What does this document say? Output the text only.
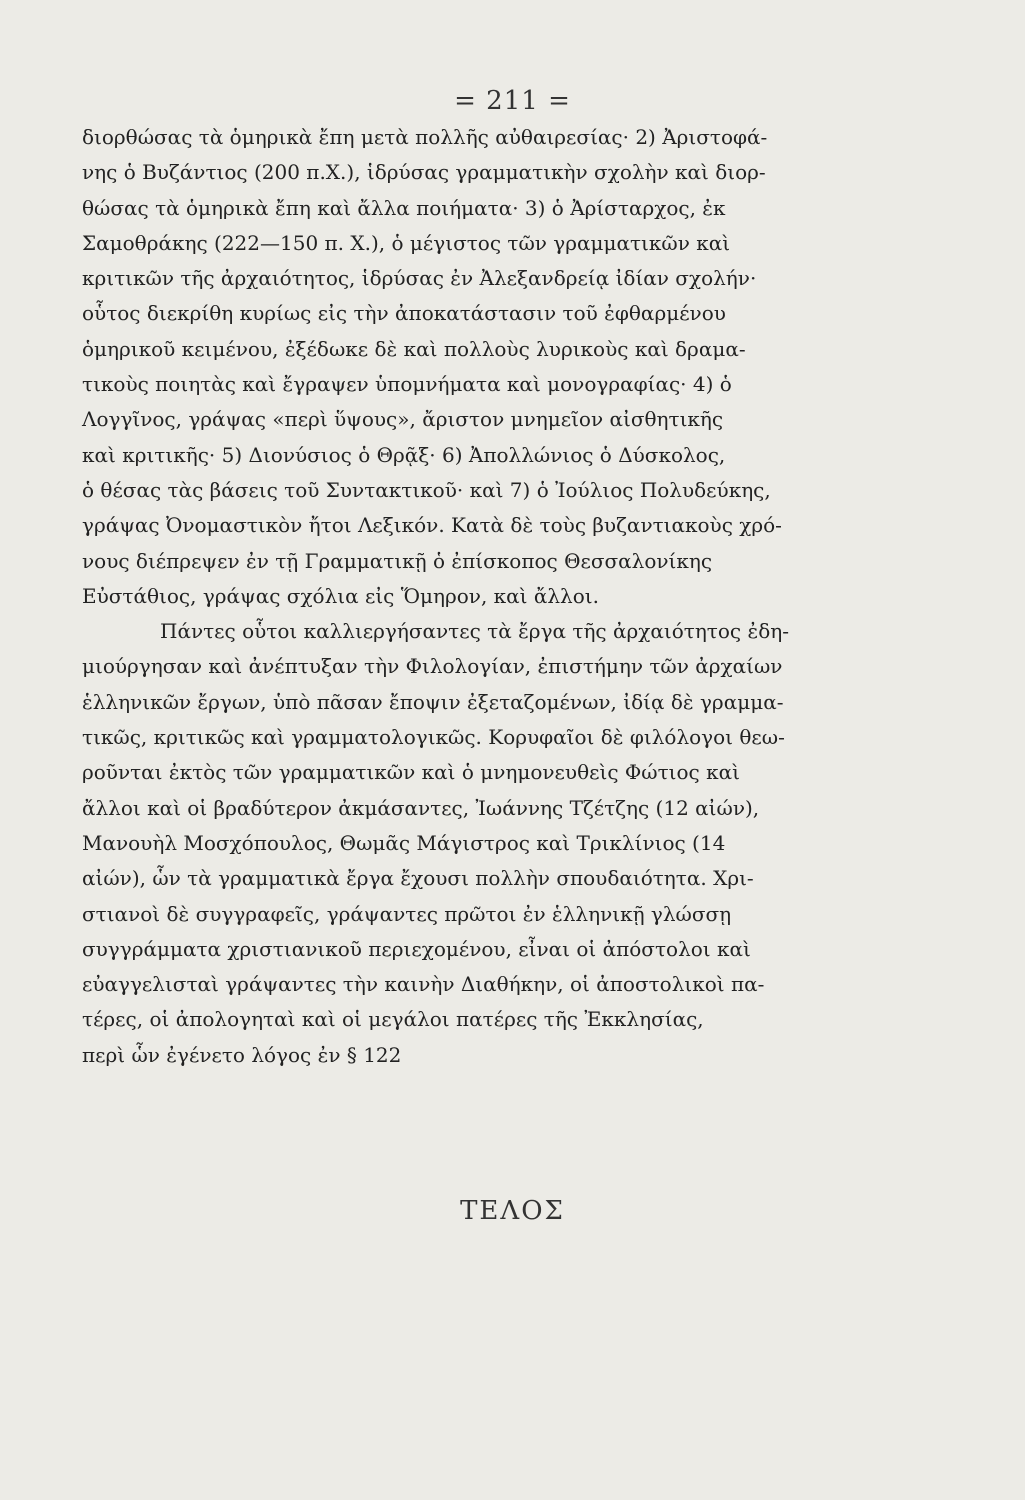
= 211 =
διορθώσας τὰ ὁμηρικὰ ἔπη μετὰ πολλῆς αὐθαιρεσίας· 2) Ἀριστοφά-
νης ὁ Βυζάντιος (200 π.Χ.), ἱδρύσας γραμματικὴν σχολὴν καὶ διορ-
θώσας τὰ ὁμηρικὰ ἔπη καὶ ἄλλα ποιήματα· 3) ὁ Ἀρίσταρχος, ἐκ
Σαμοθράκης (222—150 π. Χ.), ὁ μέγιστος τῶν γραμματικῶν καὶ
κριτικῶν τῆς ἀρχαιότητος, ἱδρύσας ἐν Ἀλεξανδρείᾳ ἰδίαν σχολήν·
οὗτος διεκρίθη κυρίως εἰς τὴν ἀποκατάστασιν τοῦ ἐφθαρμένου
ὁμηρικοῦ κειμένου, ἐξέδωκε δὲ καὶ πολλοὺς λυρικοὺς καὶ δραμα-
τικοὺς ποιητὰς καὶ ἔγραψεν ὑπομνήματα καὶ μονογραφίας· 4) ὁ
Λογγῖνος, γράψας «περὶ ὕψους», ἄριστον μνημεῖον αἰσθητικῆς
καὶ κριτικῆς· 5) Διονύσιος ὁ Θρᾷξ· 6) Ἀπολλώνιος ὁ Δύσκολος,
ὁ θέσας τὰς βάσεις τοῦ Συντακτικοῦ· καὶ 7) ὁ Ἰούλιος Πολυδεύκης,
γράψας Ὀνομαστικὸν ἤτοι Λεξικόν. Κατὰ δὲ τοὺς βυζαντιακοὺς χρό-
νους διέπρεψεν ἐν τῇ Γραμματικῇ ὁ ἐπίσκοπος Θεσσαλονίκης
Εὐστάθιος, γράψας σχόλια εἰς Ὅμηρον, καὶ ἄλλοι.
Πάντες οὗτοι καλλιεργήσαντες τὰ ἔργα τῆς ἀρχαιότητος ἐδη-
μιούργησαν καὶ ἀνέπτυξαν τὴν Φιλολογίαν, ἐπιστήμην τῶν ἀρχαίων
ἑλληνικῶν ἔργων, ὑπὸ πᾶσαν ἔποψιν ἐξεταζομένων, ἰδίᾳ δὲ γραμμα-
τικῶς, κριτικῶς καὶ γραμματολογικῶς. Κορυφαῖοι δὲ φιλόλογοι θεω-
ροῦνται ἐκτὸς τῶν γραμματικῶν καὶ ὁ μνημονευθεὶς Φώτιος καὶ
ἄλλοι καὶ οἱ βραδύτερον ἀκμάσαντες, Ἰωάννης Τζέτζης (12 αἰών),
Μανουὴλ Μοσχόπουλος, Θωμᾶς Μάγιστρος καὶ Τρικλίνιος (14
αἰών), ὧν τὰ γραμματικὰ ἔργα ἔχουσι πολλὴν σπουδαιότητα. Χρι-
στιανοὶ δὲ συγγραφεῖς, γράψαντες πρῶτοι ἐν ἑλληνικῇ γλώσσῃ
συγγράμματα χριστιανικοῦ περιεχομένου, εἶναι οἱ ἀπόστολοι καὶ
εὐαγγελισταὶ γράψαντες τὴν καινὴν Διαθήκην, οἱ ἀποστολικοὶ πα-
τέρες, οἱ ἀπολογηταὶ καὶ οἱ μεγάλοι πατέρες τῆς Ἐκκλησίας,
περὶ ὧν ἐγένετο λόγος ἐν § 122
ΤΕΛΟΣ
